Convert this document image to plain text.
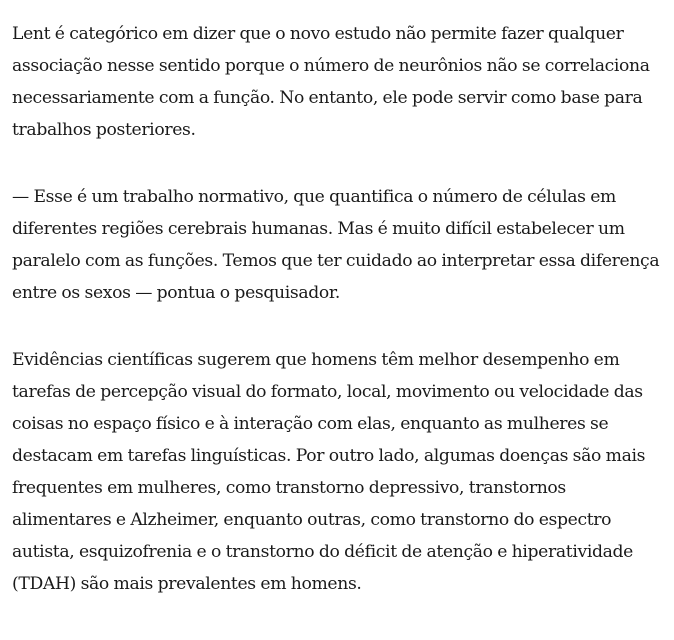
Lent é categórico em dizer que o novo estudo não permite fazer qualquer associação nesse sentido porque o número de neurônios não se correlaciona necessariamente com a função. No entanto, ele pode servir como base para trabalhos posteriores.

— Esse é um trabalho normativo, que quantifica o número de células em diferentes regiões cerebrais humanas. Mas é muito difícil estabelecer um paralelo com as funções. Temos que ter cuidado ao interpretar essa diferença entre os sexos — pontua o pesquisador.

Evidências científicas sugerem que homens têm melhor desempenho em tarefas de percepção visual do formato, local, movimento ou velocidade das coisas no espaço físico e à interação com elas, enquanto as mulheres se destacam em tarefas linguísticas. Por outro lado, algumas doenças são mais frequentes em mulheres, como transtorno depressivo, transtornos alimentares e Alzheimer, enquanto outras, como transtorno do espectro autista, esquizofrenia e o transtorno do déficit de atenção e hiperatividade (TDAH) são mais prevalentes em homens.
